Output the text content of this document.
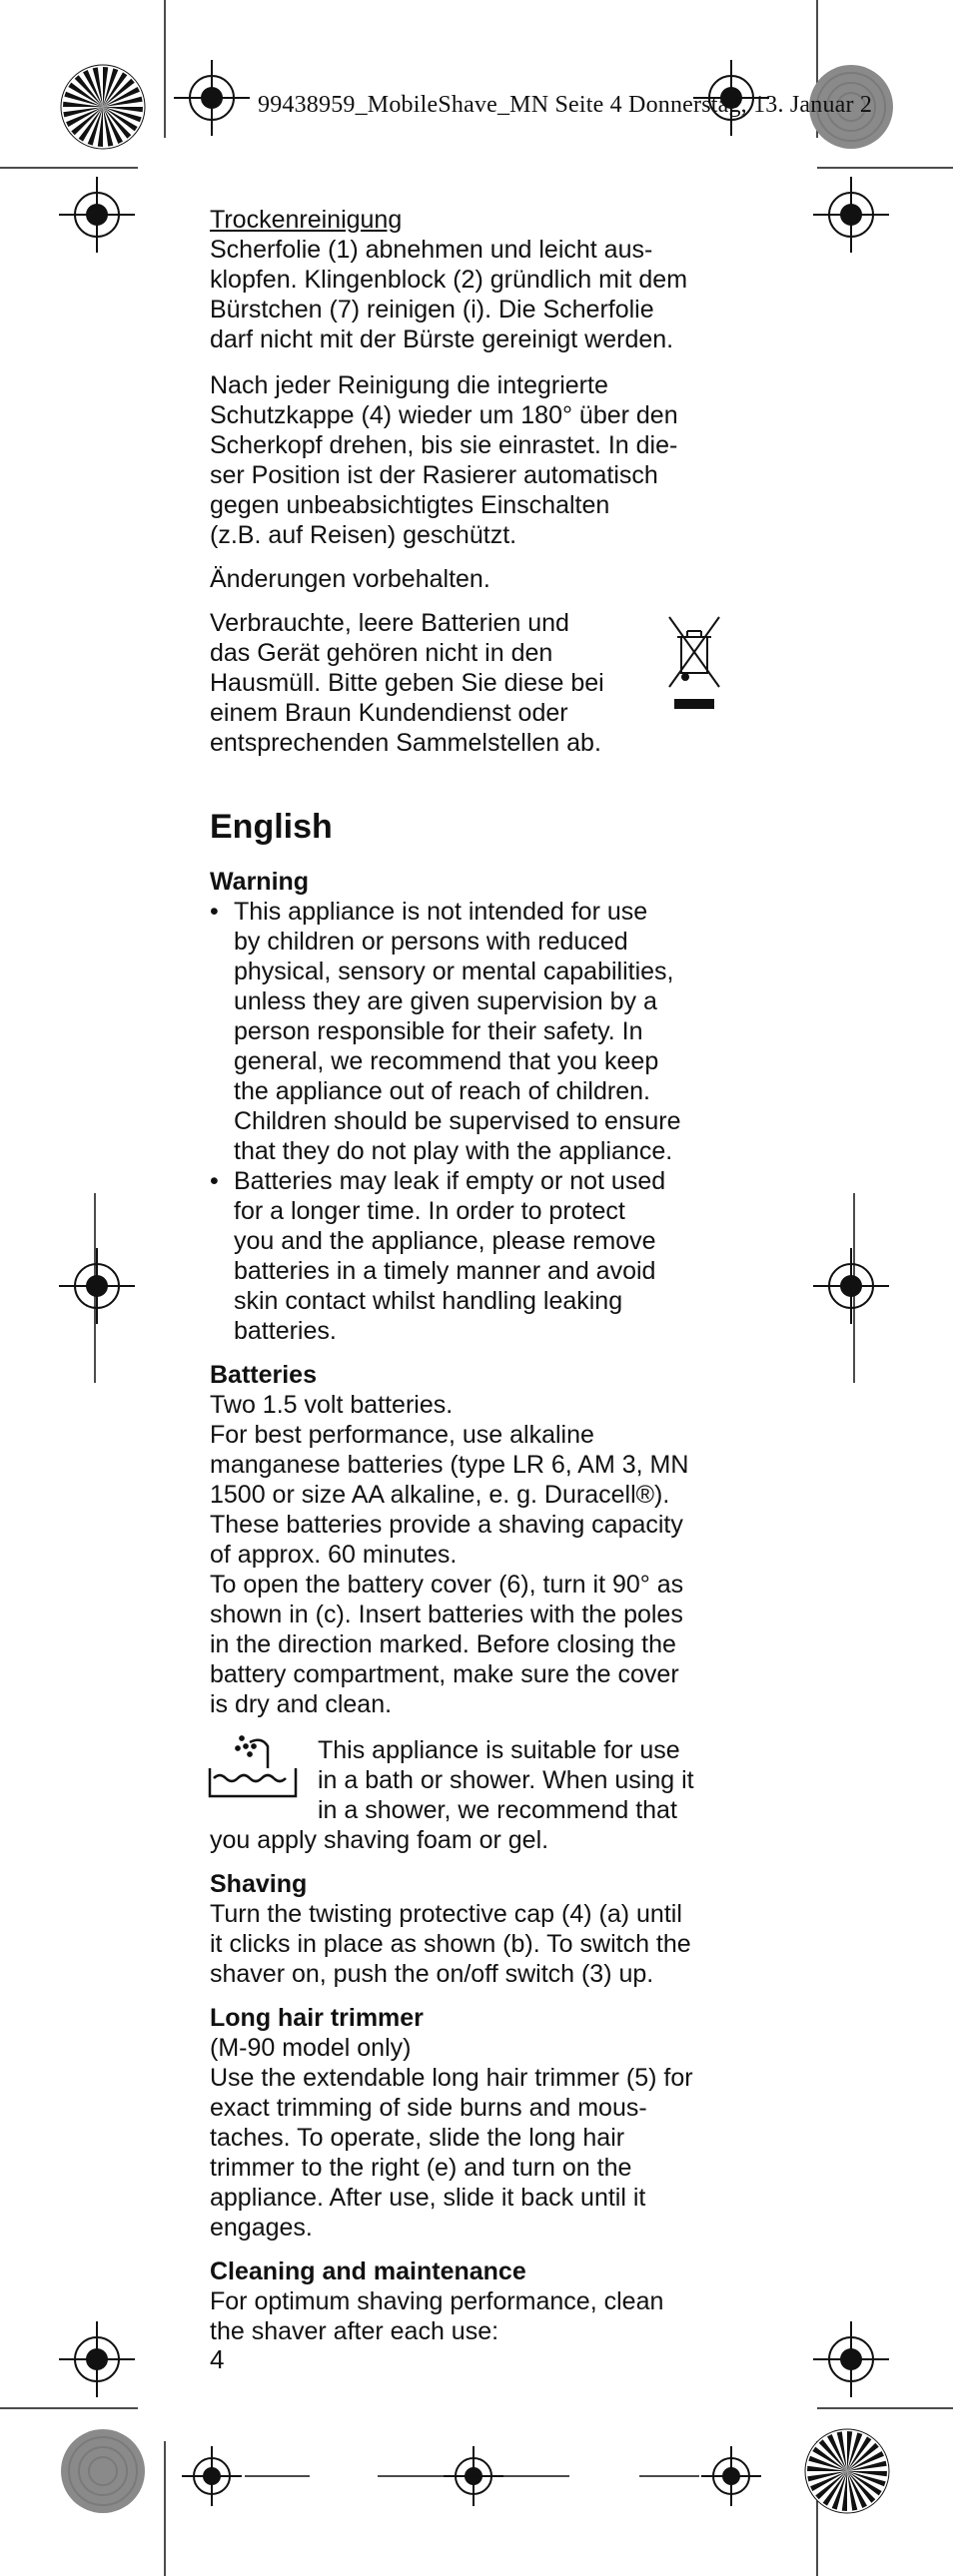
99438959_MobileShave_MN Seite 4 Donnerstag, 13. Januar 2

Trockenreinigung

Scherfolie (1) abnehmen und leicht aus-

klopfen. Klingenblock (2) gründlich mit dem

Bürstchen (7) reinigen (i). Die Scherfolie

darf nicht mit der Bürste gereinigt werden.

Nach jeder Reinigung die integrierte

Schutzkappe (4) wieder um 180° über den

Scherkopf drehen, bis sie einrastet. In die-

ser Position ist der Rasierer automatisch

gegen unbeabsichtigtes Einschalten

(z.B. auf Reisen) geschützt.

Änderungen vorbehalten.

Verbrauchte, leere Batterien und

das Gerät gehören nicht in den

Hausmüll. Bitte geben Sie diese bei

einem Braun Kundendienst oder

entsprechenden Sammelstellen ab.

English

Warning

• This appliance is not intended for use
by children or persons with reduced
physical, sensory or mental capabilities,
unless they are given supervision by a
person responsible for their safety. In
general, we recommend that you keep
the appliance out of reach of children.
Children should be supervised to ensure
that they do not play with the appliance.
• Batteries may leak if empty or not used
for a longer time. In order to protect
you and the appliance, please remove
batteries in a timely manner and avoid
skin contact whilst handling leaking
batteries.

Batteries

Two 1.5 volt batteries.

For best performance, use alkaline

manganese batteries (type LR 6, AM 3, MN

1500 or size AA alkaline, e. g. Duracell®).

These batteries provide a shaving capacity

of approx. 60 minutes.

To open the battery cover (6), turn it 90° as

shown in (c). Insert batteries with the poles

in the direction marked. Before closing the

battery compartment, make sure the cover

is dry and clean.

This appliance is suitable for use

in a bath or shower. When using it

in a shower, we recommend that

you apply shaving foam or gel.

Shaving

Turn the twisting protective cap (4) (a) until

it clicks in place as shown (b). To switch the

shaver on, push the on/off switch (3) up.

Long hair trimmer

(M-90 model only)

Use the extendable long hair trimmer (5) for

exact trimming of side burns and mous-

taches. To operate, slide the long hair

trimmer to the right (e) and turn on the

appliance. After use, slide it back until it

engages.

Cleaning and maintenance

For optimum shaving performance, clean

the shaver after each use:

4
